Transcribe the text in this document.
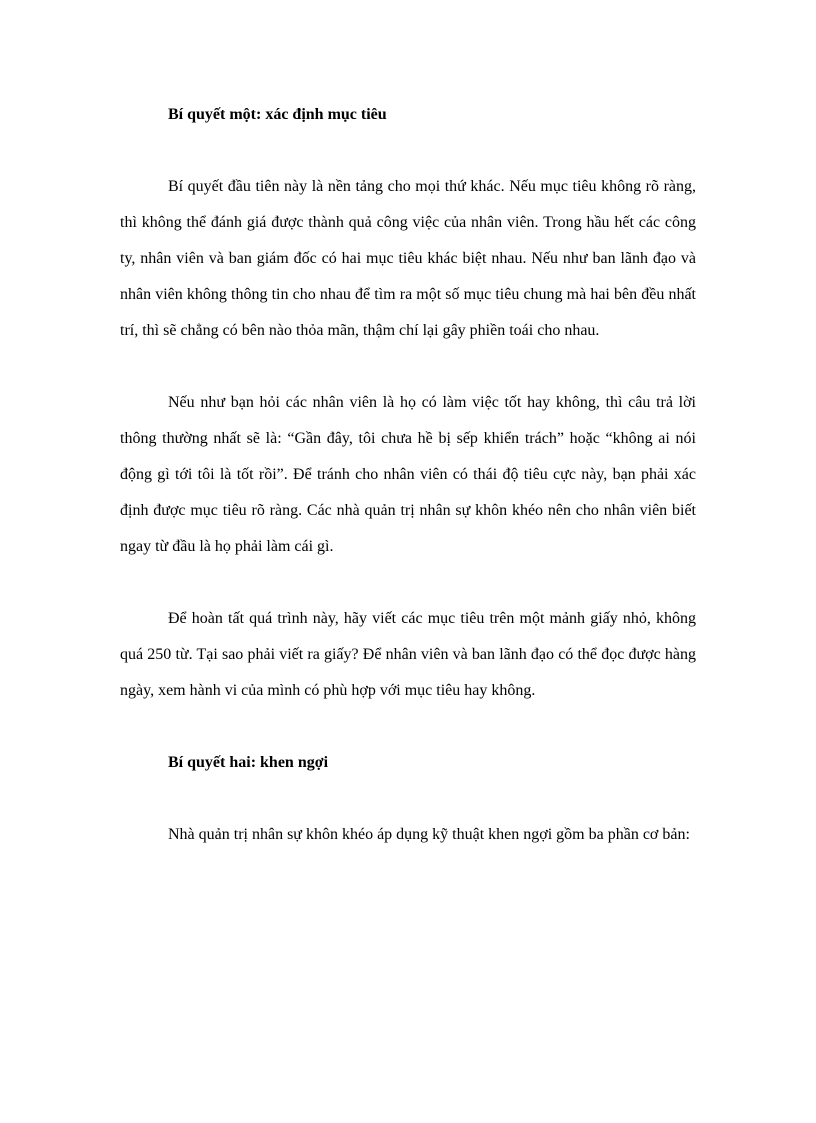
Bí quyết một: xác định mục tiêu

Bí quyết đầu tiên này là nền tảng cho mọi thứ khác. Nếu mục tiêu không rõ ràng, thì không thể đánh giá được thành quả công việc của nhân viên. Trong hầu hết các công ty, nhân viên và ban giám đốc có hai mục tiêu khác biệt nhau. Nếu như ban lãnh đạo và nhân viên không thông tin cho nhau để tìm ra một số mục tiêu chung mà hai bên đều nhất trí, thì sẽ chẳng có bên nào thỏa mãn, thậm chí lại gây phiền toái cho nhau.

Nếu như bạn hỏi các nhân viên là họ có làm việc tốt hay không, thì câu trả lời thông thường nhất sẽ là: “Gần đây, tôi chưa hề bị sếp khiển trách” hoặc “không ai nói động gì tới tôi là tốt rồi”. Để tránh cho nhân viên có thái độ tiêu cực này, bạn phải xác định được mục tiêu rõ ràng. Các nhà quản trị nhân sự khôn khéo nên cho nhân viên biết ngay từ đầu là họ phải làm cái gì.

Để hoàn tất quá trình này, hãy viết các mục tiêu trên một mảnh giấy nhỏ, không quá 250 từ. Tại sao phải viết ra giấy? Để nhân viên và ban lãnh đạo có thể đọc được hàng ngày, xem hành vi của mình có phù hợp với mục tiêu hay không.

Bí quyết hai: khen ngợi

Nhà quản trị nhân sự khôn khéo áp dụng kỹ thuật khen ngợi gồm ba phần cơ bản:
